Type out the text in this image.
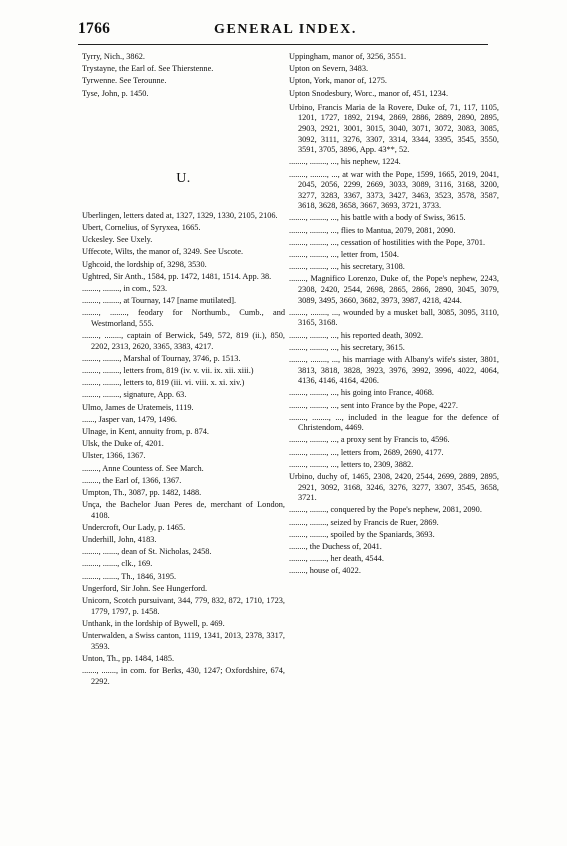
1766	GENERAL INDEX.

Tyrry, Nich., 3862.

Trystayne, the Earl of. See Thierstenne.

Tyrwenne. See Terounne.

Tyse, John, p. 1450.

U.

Uberlingen, letters dated at, 1327, 1329, 1330, 2105, 2106.

Ubert, Cornelius, of Syryxea, 1665.

Uckesley. See Uxely.

Uffecote, Wilts, the manor of, 3249. See Uscote.

Ughcoid, the lordship of, 3298, 3530.

Ughtred, Sir Anth., 1584, pp. 1472, 1481, 1514. App. 38.

........, ........, in com., 523.

........, ........, at Tournay, 147 [name mutilated].

........, ........, feodary for Northumb., Cumb., and Westmorland, 555.

........, ........, captain of Berwick, 549, 572, 819 (ii.), 850, 2202, 2313, 2620, 3365, 3383, 4217.

........, ........, Marshal of Tournay, 3746, p. 1513.

........, ........, letters from, 819 (iv. v. vii. ix. xii. xiii.)

........, ........, letters to, 819 (iii. vi. viii. x. xi. xiv.)

........, ........, signature, App. 63.

Ulmo, James de Uratemeis, 1119.

......, Jasper van, 1479, 1496.

Ulnage, in Kent, annuity from, p. 874.

Ulsk, the Duke of, 4201.

Ulster, 1366, 1367.

........, Anne Countess of. See March.

........, the Earl of, 1366, 1367.

Umpton, Th., 3087, pp. 1482, 1488.

Unça, the Bachelor Juan Peres de, merchant of London, 4108.

Undercroft, Our Lady, p. 1465.

Underhill, John, 4183.

........, ......., dean of St. Nicholas, 2458.

........, ......., clk., 169.

........, ......., Th., 1846, 3195.

Ungerford, Sir John. See Hungerford.

Unicorn, Scotch pursuivant, 344, 779, 832, 872, 1710, 1723, 1779, 1797, p. 1458.

Unthank, in the lordship of Bywell, p. 469.

Unterwalden, a Swiss canton, 1119, 1341, 2013, 2378, 3317, 3593.

Unton, Th., pp. 1484, 1485.

......., ......., in com. for Berks, 430, 1247; Oxfordshire, 674, 2292.

Uppingham, manor of, 3256, 3551.

Upton on Severn, 3483.

Upton, York, manor of, 1275.

Upton Snodesbury, Worc., manor of, 451, 1234.

Urbino, Francis Maria de la Rovere, Duke of, 71, 117, 1105, 1201, 1727, 1892, 2194, 2869, 2886, 2889, 2890, 2895, 2903, 2921, 3001, 3015, 3040, 3071, 3072, 3083, 3085, 3092, 3111, 3276, 3307, 3314, 3344, 3395, 3545, 3550, 3591, 3705, 3896, App. 43**, 52.

........, ........, ..., his nephew, 1224.

........, ........, ..., at war with the Pope, 1599, 1665, 2019, 2041, 2045, 2056, 2299, 2669, 3033, 3089, 3116, 3168, 3200, 3277, 3283, 3367, 3373, 3427, 3463, 3523, 3578, 3587, 3618, 3628, 3658, 3667, 3693, 3721, 3733.

........, ........, ..., his battle with a body of Swiss, 3615.

........, ........, ..., flies to Mantua, 2079, 2081, 2090.

........, ........, ..., cessation of hostilities with the Pope, 3701.

........, ........, ..., letter from, 1504.

........, ........, ..., his secretary, 3108.

........, Magnifico Lorenzo, Duke of, the Pope's nephew, 2243, 2308, 2420, 2544, 2698, 2865, 2866, 2890, 3045, 3079, 3089, 3495, 3660, 3682, 3973, 3987, 4218, 4244.

........, ........, ..., wounded by a musket ball, 3085, 3095, 3110, 3165, 3168.

........, ........, ..., his reported death, 3092.

........, ........, ..., his secretary, 3615.

........, ........, ..., his marriage with Albany's wife's sister, 3801, 3813, 3818, 3828, 3923, 3976, 3992, 3996, 4022, 4064, 4136, 4146, 4164, 4206.

........, ........, ..., his going into France, 4068.

........, ........, ..., sent into France by the Pope, 4227.

........, ........, ..., included in the league for the defence of Christendom, 4469.

........, ........, ..., a proxy sent by Francis to, 4596.

........, ........, ..., letters from, 2689, 2690, 4177.

........, ........, ..., letters to, 2309, 3882.

Urbino, duchy of, 1465, 2308, 2420, 2544, 2699, 2889, 2895, 2921, 3092, 3168, 3246, 3276, 3277, 3307, 3545, 3658, 3721.

........, ........, conquered by the Pope's nephew, 2081, 2090.

........, ........, seized by Francis de Ruer, 2869.

........, ........, spoiled by the Spaniards, 3693.

........, the Duchess of, 2041.

........, ........, her death, 4544.

........, house of, 4022.
